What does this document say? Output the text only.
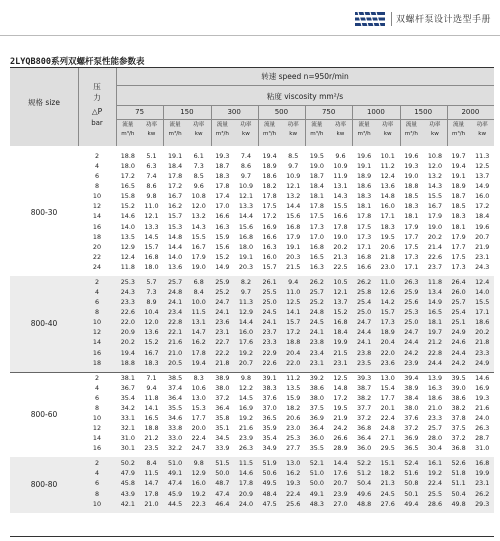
双螺杆泵设计选型手册
2LYQB800系列双螺杆泵性能参数表
规格 size
压
力
△P
bar
转速 speed n=950r/min
粘度 viscosity mm²/s
75	150	300	500	750	1000	1500	2000
流量
m³/h
功率
kw
流量
m³/h
功率
kw
流量
m³/h
功率
kw
流量
m³/h
功率
kw
流量
m³/h
功率
kw
流量
m³/h
功率
kw
流量
m³/h
功率
kw
流量
m³/h
功率
kw
800-30
2	18.8	5.1	19.1	6.1	19.3	7.4	19.4	8.5	19.5	9.6	19.6	10.1	19.6	10.8	19.7	11.3
4	18.0	6.3	18.4	7.3	18.7	8.6	18.9	9.7	19.0	10.9	19.1	11.2	19.3	12.0	19.4	12.5
6	17.2	7.4	17.8	8.5	18.3	9.7	18.6	10.9	18.7	11.9	18.9	12.4	19.0	13.2	19.1	13.7
8	16.5	8.6	17.2	9.6	17.8	10.9	18.2	12.1	18.4	13.1	18.6	13.6	18.8	14.3	18.9	14.9
10	15.8	9.8	16.7	10.8	17.4	12.1	17.8	13.2	18.1	14.3	18.3	14.8	18.5	15.5	18.7	16.0
12	15.2	11.0	16.2	12.0	17.0	13.3	17.5	14.4	17.8	15.5	18.1	16.0	18.3	16.7	18.5	17.2
14	14.6	12.1	15.7	13.2	16.6	14.4	17.2	15.6	17.5	16.6	17.8	17.1	18.1	17.9	18.3	18.4
16	14.0	13.3	15.3	14.3	16.3	15.6	16.9	16.8	17.3	17.8	17.5	18.3	17.9	19.0	18.1	19.6
18	13.5	14.5	14.8	15.5	15.9	16.8	16.6	17.9	17.0	19.0	17.3	19.5	17.7	20.2	17.9	20.7
20	12.9	15.7	14.4	16.7	15.6	18.0	16.3	19.1	16.8	20.2	17.1	20.6	17.5	21.4	17.7	21.9
22	12.4	16.8	14.0	17.9	15.2	19.1	16.0	20.3	16.5	21.3	16.8	21.8	17.3	22.6	17.5	23.1
24	11.8	18.0	13.6	19.0	14.9	20.3	15.7	21.5	16.3	22.5	16.6	23.0	17.1	23.7	17.3	24.3
800-40
2	25.3	5.7	25.7	6.8	25.9	8.2	26.1	9.4	26.2	10.5	26.2	11.0	26.3	11.8	26.4	12.4
4	24.3	7.3	24.8	8.4	25.2	9.7	25.5	11.0	25.7	12.1	25.8	12.6	25.9	13.4	26.0	14.0
6	23.3	8.9	24.1	10.0	24.7	11.3	25.0	12.5	25.2	13.7	25.4	14.2	25.6	14.9	25.7	15.5
8	22.6	10.4	23.4	11.5	24.1	12.9	24.5	14.1	24.8	15.2	25.0	15.7	25.3	16.5	25.4	17.1
10	22.0	12.0	22.8	13.1	23.6	14.4	24.1	15.7	24.5	16.8	24.7	17.3	25.0	18.1	25.1	18.6
12	20.9	13.6	22.1	14.7	23.1	16.0	23.7	17.2	24.1	18.4	24.4	18.9	24.7	19.7	24.9	20.2
14	20.2	15.2	21.6	16.2	22.7	17.6	23.3	18.8	23.8	19.9	24.1	20.4	24.4	21.2	24.6	21.8
16	19.4	16.7	21.0	17.8	22.2	19.2	22.9	20.4	23.4	21.5	23.8	22.0	24.2	22.8	24.4	23.3
18	18.8	18.3	20.5	19.4	21.8	20.7	22.6	22.0	23.1	23.1	23.5	23.6	23.9	24.4	24.2	24.9
800-60
2	38.1	7.1	38.5	8.3	38.9	9.8	39.1	11.2	39.2	12.5	39.3	13.0	39.4	13.9	39.5	14.6
4	36.7	9.4	37.4	10.6	38.0	12.2	38.3	13.5	38.6	14.8	38.7	15.4	38.9	16.3	39.0	16.9
6	35.4	11.8	36.4	13.0	37.2	14.5	37.6	15.9	38.0	17.2	38.2	17.7	38.4	18.6	38.6	19.3
8	34.2	14.1	35.5	15.3	36.4	16.9	37.0	18.2	37.5	19.5	37.7	20.1	38.0	21.0	38.2	21.6
10	33.1	16.5	34.6	17.7	35.8	19.2	36.5	20.6	36.9	21.9	37.2	22.4	37.6	23.3	37.8	24.0
12	32.1	18.8	33.8	20.0	35.1	21.6	35.9	23.0	36.4	24.2	36.8	24.8	37.2	25.7	37.5	26.3
14	31.0	21.2	33.0	22.4	34.5	23.9	35.4	25.3	36.0	26.6	36.4	27.1	36.9	28.0	37.2	28.7
16	30.1	23.5	32.2	24.7	33.9	26.3	34.9	27.7	35.5	28.9	36.0	29.5	36.5	30.4	36.8	31.0
800-80
2	50.2	8.4	51.0	9.8	51.5	11.5	51.9	13.0	52.1	14.4	52.2	15.1	52.4	16.1	52.6	16.8
4	47.9	11.5	49.1	12.9	50.0	14.6	50.6	16.2	51.0	17.6	51.2	18.2	51.6	19.2	51.8	19.9
6	45.8	14.7	47.4	16.0	48.7	17.8	49.5	19.3	50.0	20.7	50.4	21.3	50.8	22.4	51.1	23.1
8	43.9	17.8	45.9	19.2	47.4	20.9	48.4	22.4	49.1	23.9	49.6	24.5	50.1	25.5	50.4	26.2
10	42.1	21.0	44.5	22.3	46.4	24.0	47.5	25.6	48.3	27.0	48.8	27.6	49.4	28.6	49.8	29.3
